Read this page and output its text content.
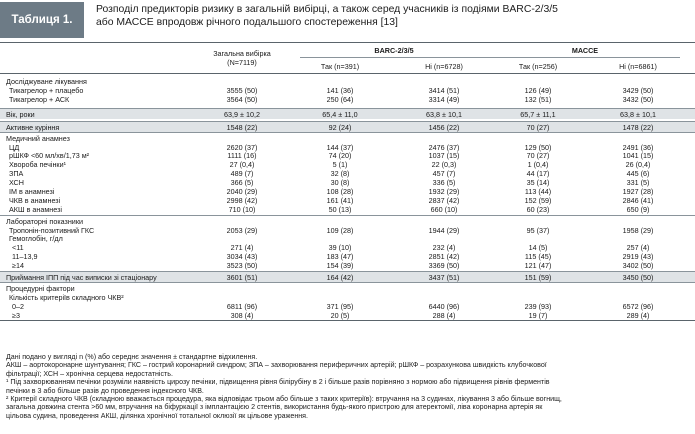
Таблиця 1.
Розподіл предикторів ризику в загальній вибірці, а також серед учасників із подіями BARC-2/3/5
або МАССЕ впродовж річного подальшого спостереження [13]
Загальна вибірка
(N=7119)
BARC-2/3/5	МАССЕ
Так (n=391)	Ні (n=6728)	Так (n=256)	Ні (n=6861)
Досліджуване лікування
Тикагрелор + плацебо	3555 (50)	141 (36)	3414 (51)	126 (49)	3429 (50)
Тикагрелор + АСК	3564 (50)	250 (64)	3314 (49)	132 (51)	3432 (50)
Вік, роки	63,9 ± 10,2	65,4 ± 11,0	63,8 ± 10,1	65,7 ± 11,1	63,8 ± 10,1
Активне куріння	1548 (22)	92 (24)	1456 (22)	70 (27)	1478 (22)
Медичний анамнез
ЦД	2620 (37)	144 (37)	2476 (37)	129 (50)	2491 (36)
рШКФ <60 мл/хв/1,73 м²	1111 (16)	74 (20)	1037 (15)	70 (27)	1041 (15)
Хвороба печінки¹	27 (0,4)	5 (1)	22 (0,3)	1 (0,4)	26 (0,4)
ЗПА	489 (7)	32 (8)	457 (7)	44 (17)	445 (6)
ХСН	366 (5)	30 (8)	336 (5)	35 (14)	331 (5)
ІМ в анамнезі	2040 (29)	108 (28)	1932 (29)	113 (44)	1927 (28)
ЧКВ в анамнезі	2998 (42)	161 (41)	2837 (42)	152 (59)	2846 (41)
АКШ в анамнезі	710 (10)	50 (13)	660 (10)	60 (23)	650 (9)
Лабораторні показники
Тропонін-позитивний ГКС	2053 (29)	109 (28)	1944 (29)	95 (37)	1958 (29)
Гемоглобін, г/дл
<11	271 (4)	39 (10)	232 (4)	14 (5)	257 (4)
11–13,9	3034 (43)	183 (47)	2851 (42)	115 (45)	2919 (43)
≥14	3523 (50)	154 (39)	3369 (50)	121 (47)	3402 (50)
Приймання ІПП під час виписки зі стаціонару	3601 (51)	164 (42)	3437 (51)	151 (59)	3450 (50)
Процедурні фактори
Кількість критеріїв складного ЧКВ²
0–2	6811 (96)	371 (95)	6440 (96)	239 (93)	6572 (96)
≥3	308 (4)	20 (5)	288 (4)	19 (7)	289 (4)
Дані подано у вигляді n (%) або середнє значення ± стандартне відхилення.
АКШ – аортокоронарне шунтування; ГКС – гострий коронарний синдром; ЗПА – захворювання периферичних артерій; рШКФ – розрахункова швидкість клубочкової
фільтрації; ХСН – хронічна серцева недостатність.
¹ Під захворюванням печінки розуміли наявність цирозу печінки, підвищення рівня білірубіну в 2 і більше разів порівняно з нормою або підвищення рівнів ферментів
печінки в 3 або більше разів до проведення індексного ЧКВ.
² Критерії складного ЧКВ (складною вважається процедура, яка відповідає трьом або більше з таких критеріїв): втручання на 3 судинах, лікування 3 або більше вогнищ,
загальна довжина стента >60 мм, втручання на біфуркації з імплантацією 2 стентів, використання будь-якого пристрою для атеректомії, ліва коронарна артерія як
цільова судина, проведення АКШ, ділянка хронічної тотальної оклюзії як цільове ураження.
